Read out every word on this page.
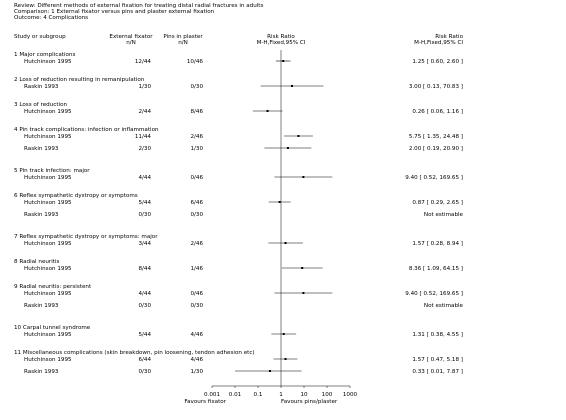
Review: Different methods of external fixation for treating distal radial fractures in adults
Comparison: 1 External fixator versus pins and plaster external fixation
Outcome: 4 Complications
Study or subgroup	External fixator
n/N
Pins in plaster
n/N
Risk Ratio
M-H,Fixed,95% CI
Risk Ratio
M-H,Fixed,95% CI
1 Major complications
Hutchinson 1995	12/44	10/46	1.25 [ 0.60, 2.60 ]
2 Loss of reduction resulting in remanipulation
Raskin 1993	1/30	0/30	3.00 [ 0.13, 70.83 ]
3 Loss of reduction
Hutchinson 1995	2/44	8/46	0.26 [ 0.06, 1.16 ]
4 Pin track complications: infection or inflammation
Hutchinson 1995	11/44	2/46	5.75 [ 1.35, 24.48 ]
Raskin 1993	2/30	1/30	2.00 [ 0.19, 20.90 ]
5 Pin track infection: major
Hutchinson 1995	4/44	0/46	9.40 [ 0.52, 169.65 ]
6 Reflex sympathetic dystropy or symptoms
Hutchinson 1995	5/44	6/46	0.87 [ 0.29, 2.65 ]
Raskin 1993	0/30	0/30	Not estimable
7 Reflex sympathetic dystropy or symptoms: major
Hutchinson 1995	3/44	2/46	1.57 [ 0.28, 8.94 ]
8 Radial neuritis
Hutchinson 1995	8/44	1/46	8.36 [ 1.09, 64.15 ]
9 Radial neuritis: persistent
Hutchinson 1995	4/44	0/46	9.40 [ 0.52, 169.65 ]
Raskin 1993	0/30	0/30	Not estimable
10 Carpal tunnel syndrome
Hutchinson 1995	5/44	4/46	1.31 [ 0.38, 4.55 ]
11 Miscellaneous complications (skin breakdown, pin loosening, tendon adhesion etc)
Hutchinson 1995	6/44	4/46	1.57 [ 0.47, 5.18 ]
Raskin 1993	0/30	1/30	0.33 [ 0.01, 7.87 ]
0.001 0.01 0.1	1	10	100 1000
Favours fixator	Favours pins/plaster
